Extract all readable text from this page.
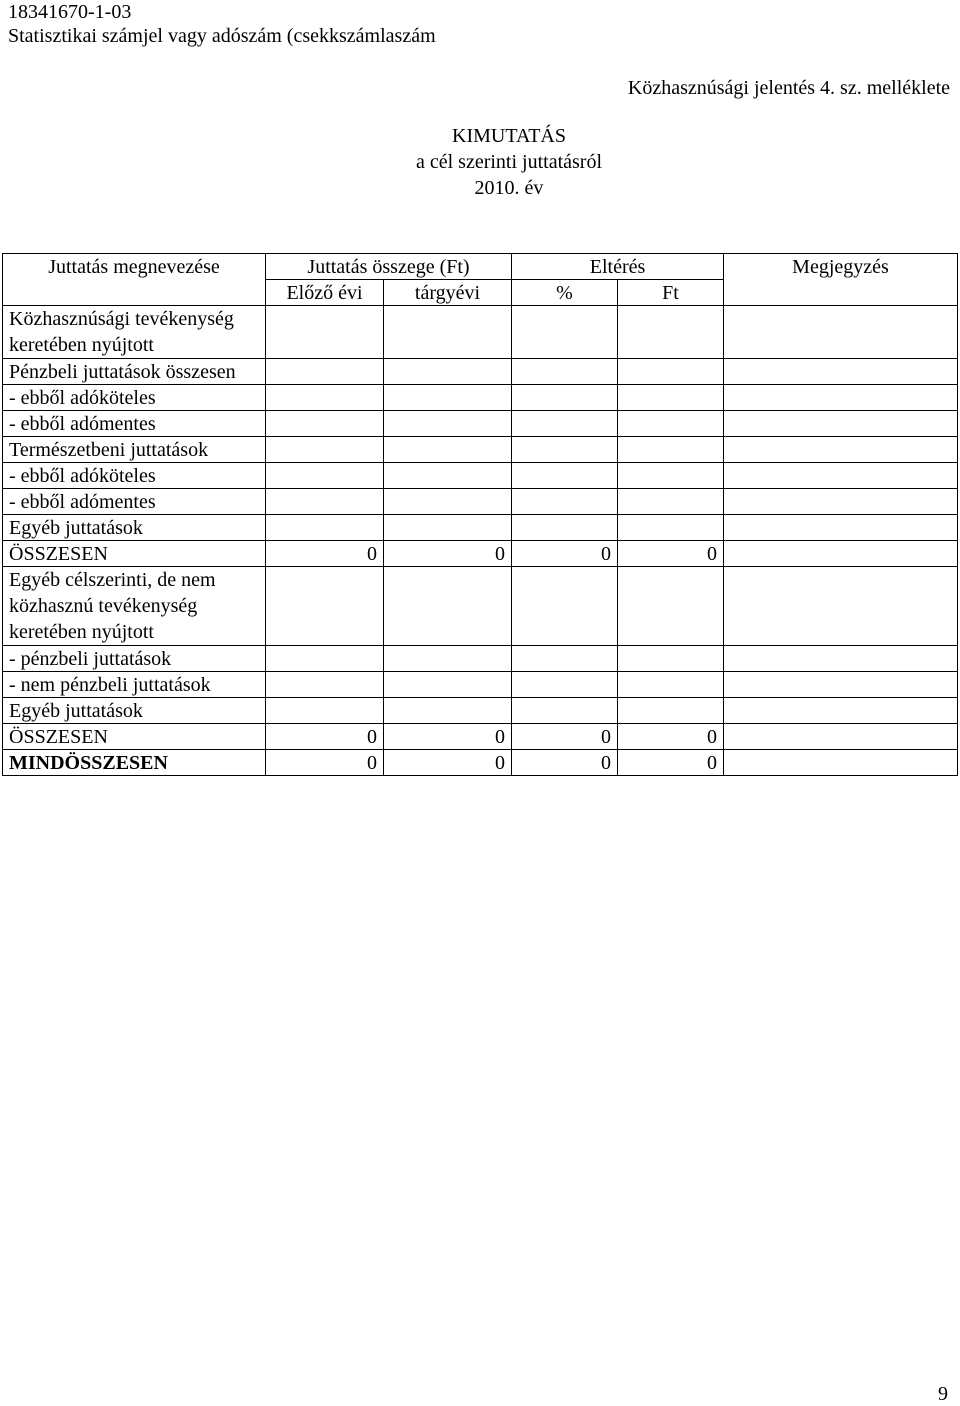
18341670-1-03
Statisztikai számjel vagy adószám (csekkszámlaszám
Közhasznúsági jelentés 4. sz. melléklete
KIMUTATÁS
a cél szerinti juttatásról
2010. év
Juttatás megnevezése	Juttatás összege (Ft)		Eltérés		Megjegyzés
	Előző évi	tárgyévi	%	Ft	
Közhasznúsági tevékenység keretében nyújtott					
Pénzbeli juttatások összesen					
- ebből adóköteles					
- ebből adómentes					
Természetbeni juttatások					
- ebből adóköteles					
- ebből adómentes					
Egyéb juttatások					
ÖSSZESEN	0	0	0	0	
Egyéb célszerinti, de nem közhasznú tevékenység keretében nyújtott					
- pénzbeli juttatások					
- nem pénzbeli juttatások					
Egyéb juttatások					
ÖSSZESEN	0	0	0	0	
MINDÖSSZESEN	0	0	0	0	
9
